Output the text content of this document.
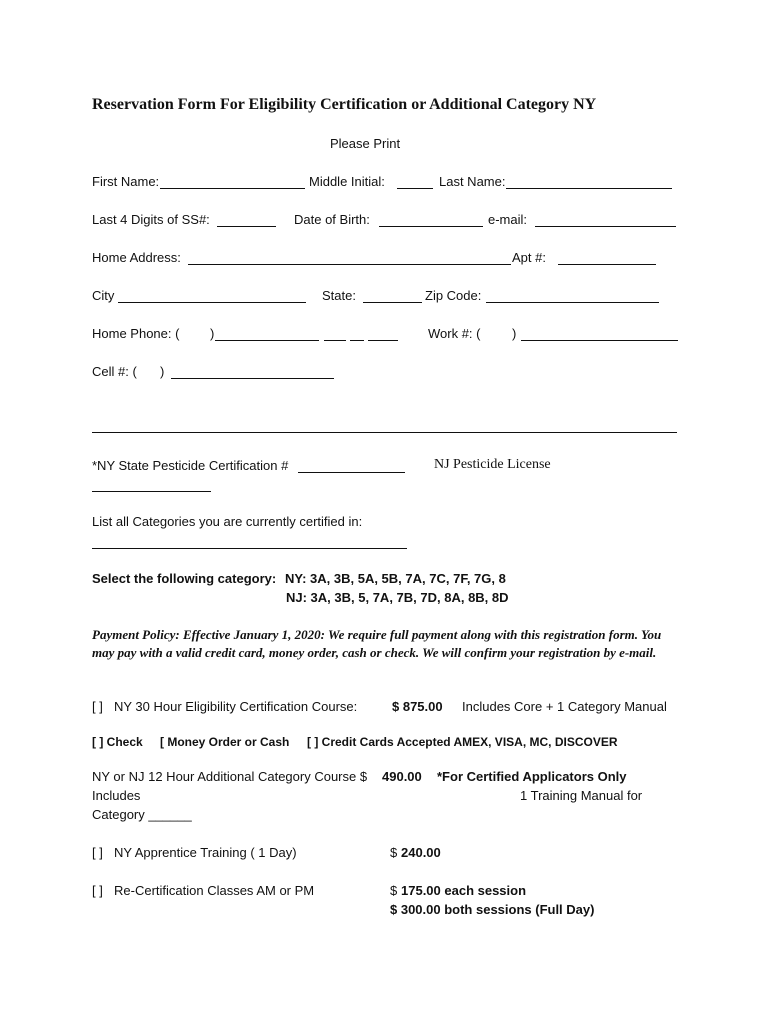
Reservation Form For Eligibility Certification or Additional Category NY
Please Print
First Name:	Middle Initial:	Last Name:
Last 4 Digits of SS#:	Date of Birth:	e-mail:
Home Address:	Apt #:
City	State:	Zip Code:
Home Phone: ( )	Work #: ( )
Cell #: ( )
*NY State Pesticide Certification #	NJ Pesticide License
List all Categories you are currently certified in:
Select the following category: NY: 3A, 3B, 5A, 5B, 7A, 7C, 7F, 7G, 8
NJ: 3A, 3B, 5, 7A, 7B, 7D, 8A, 8B, 8D
Payment Policy: Effective January 1, 2020: We require full payment along with this registration form. You may pay with a valid credit card, money order, cash or check. We will confirm your registration by e-mail.
[ ] NY 30 Hour Eligibility Certification Course:	$ 875.00 Includes Core + 1 Category Manual
[ ] Check [ Money Order or Cash [ ] Credit Cards Accepted AMEX, VISA, MC, DISCOVER
NY or NJ 12 Hour Additional Category Course $ 490.00 *For Certified Applicators Only
Includes	1 Training Manual for
Category ______
[ ] NY Apprentice Training ( 1 Day)	$ 240.00
[ ] Re-Certification Classes AM or PM	$ 175.00 each session
$ 300.00 both sessions (Full Day)
